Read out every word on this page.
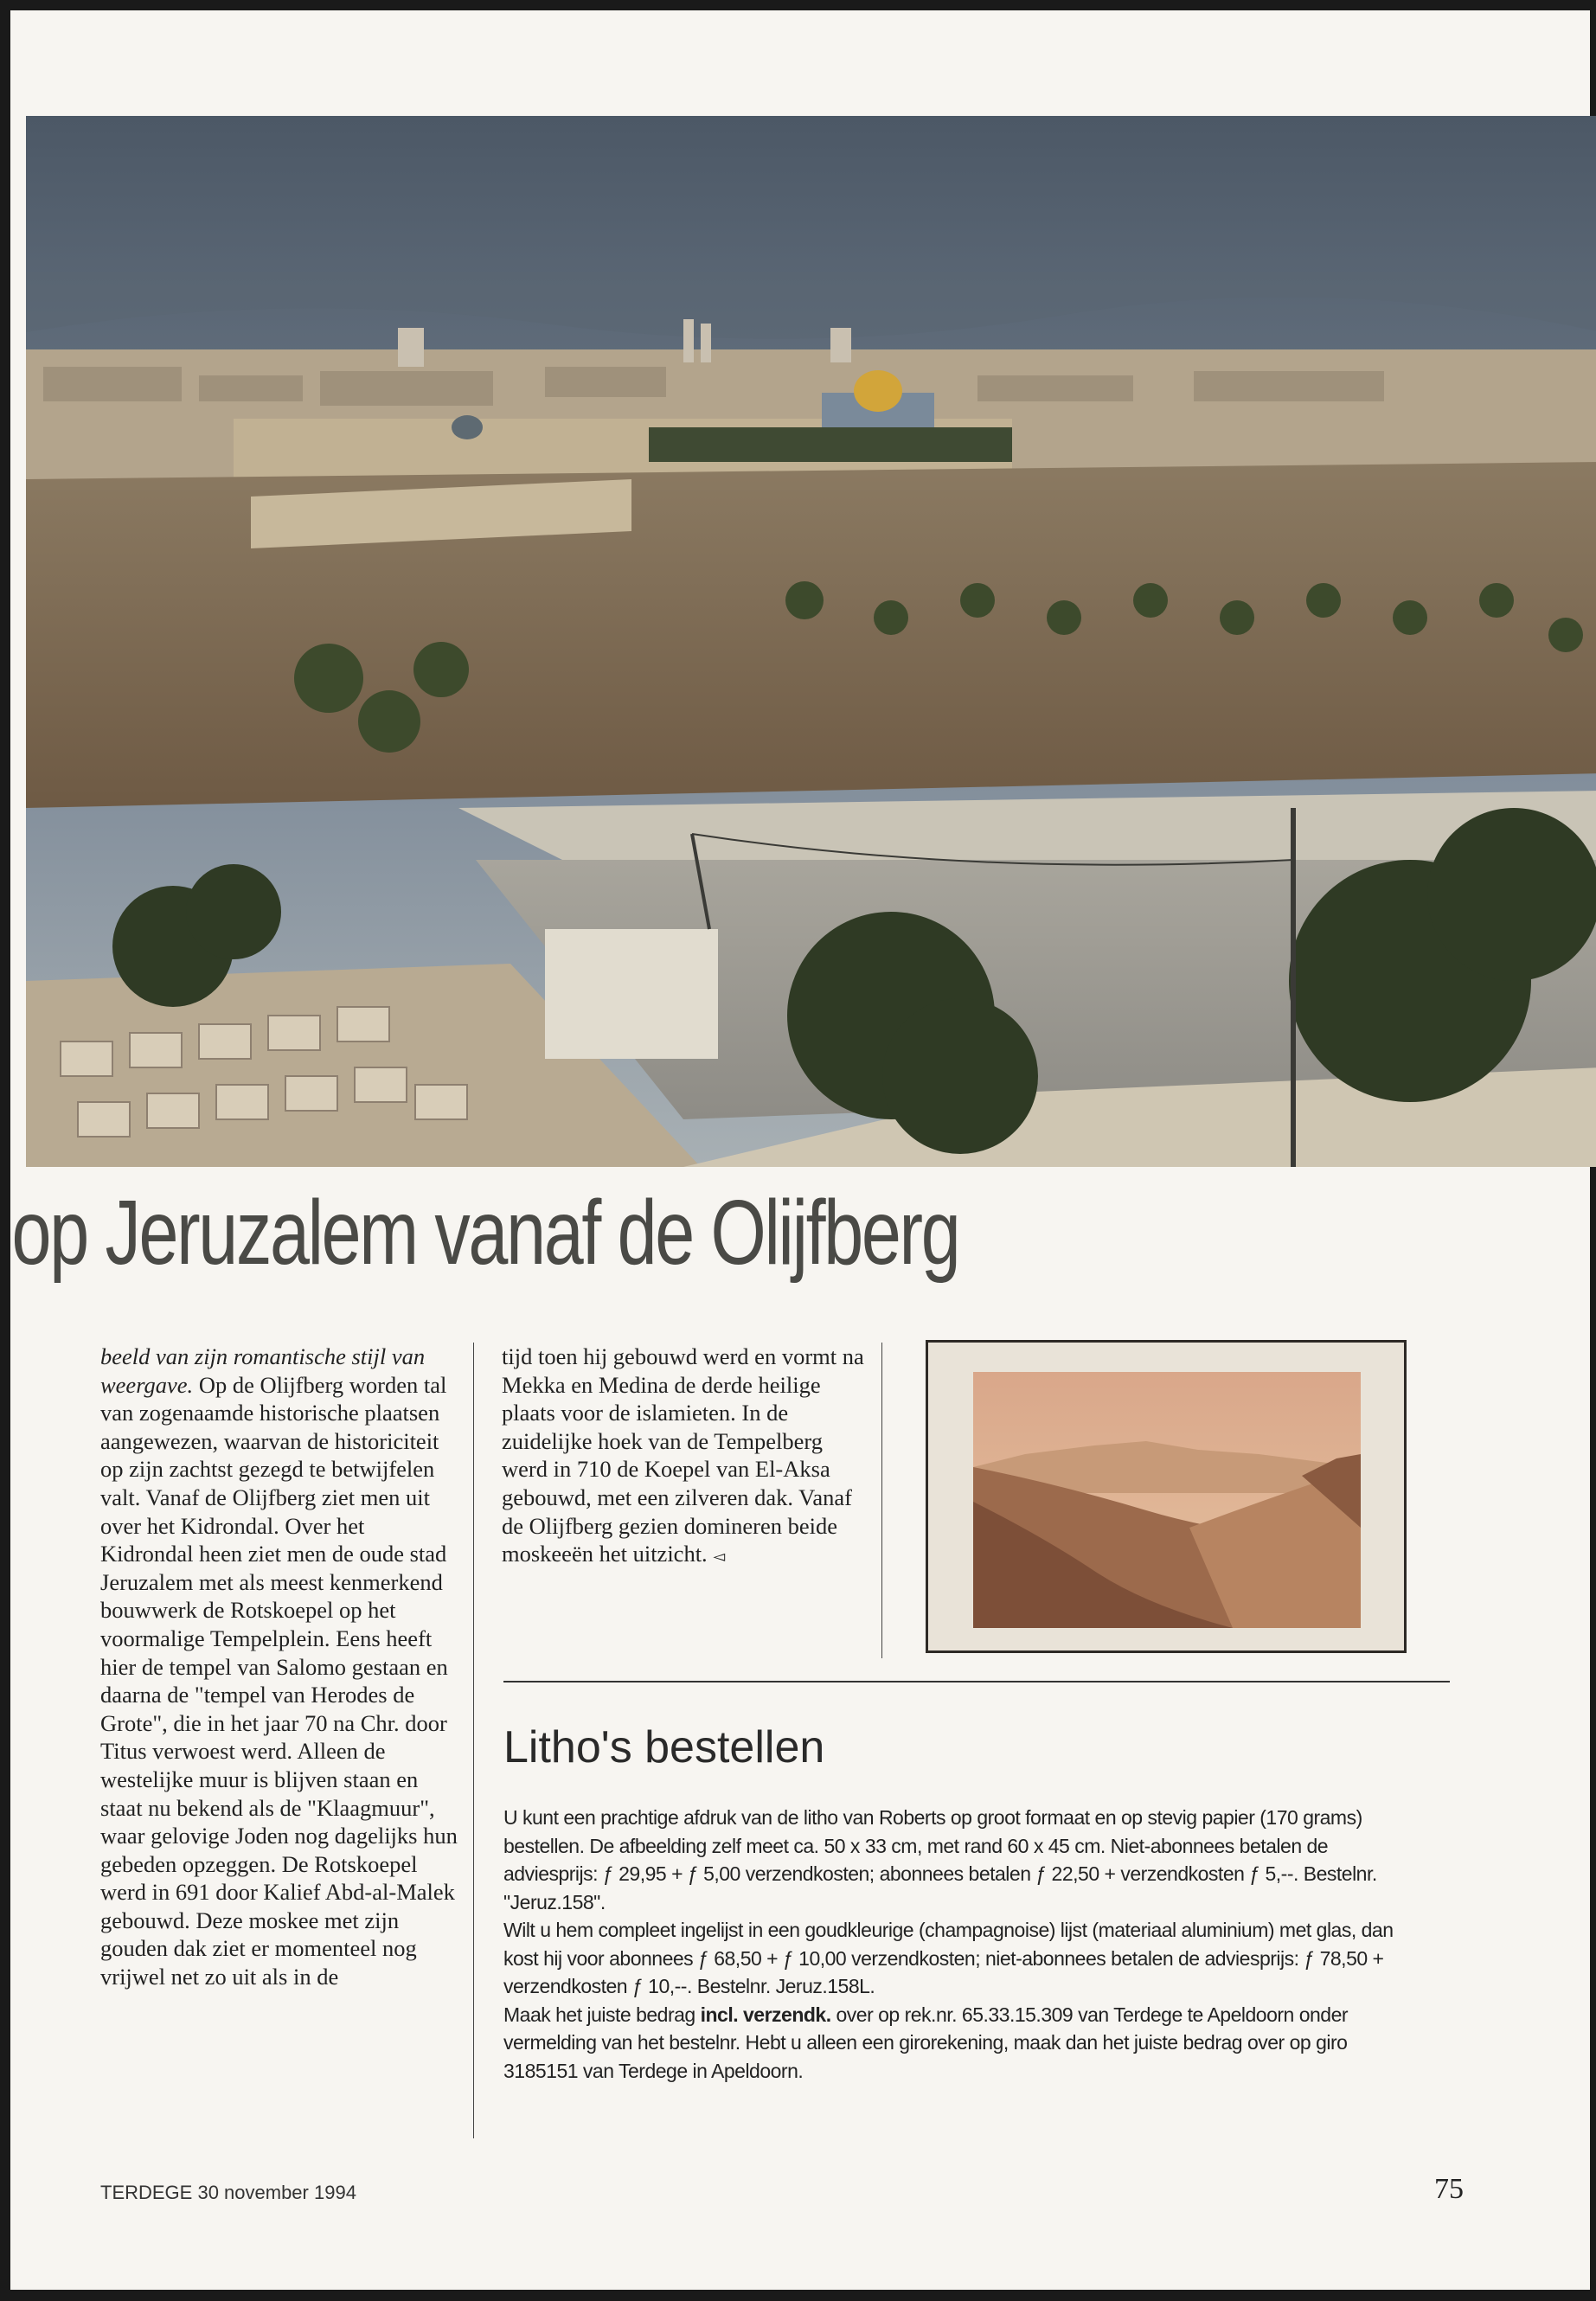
op Jeruzalem vanaf de Olijfberg
beeld van zijn romantische stijl van weergave. Op de Olijfberg worden tal van zogenaamde historische plaatsen aangewezen, waarvan de historiciteit op zijn zachtst gezegd te betwijfelen valt. Vanaf de Olijfberg ziet men uit over het Kidrondal. Over het Kidrondal heen ziet men de oude stad Jeruzalem met als meest kenmerkend bouwwerk de Rotskoepel op het voormalige Tempelplein. Eens heeft hier de tempel van Salomo gestaan en daarna de "tempel van Herodes de Grote", die in het jaar 70 na Chr. door Titus verwoest werd. Alleen de westelijke muur is blijven staan en staat nu bekend als de "Klaagmuur", waar gelovige Joden nog dagelijks hun gebeden opzeggen. De Rotskoepel werd in 691 door Kalief Abd-al-Malek gebouwd. Deze moskee met zijn gouden dak ziet er momenteel nog vrijwel net zo uit als in de
tijd toen hij gebouwd werd en vormt na Mekka en Medina de derde heilige plaats voor de islamieten. In de zuidelijke hoek van de Tempelberg werd in 710 de Koepel van El-Aksa gebouwd, met een zilveren dak. Vanaf de Olijfberg gezien domineren beide moskeeën het uitzicht. ◅
Litho's bestellen
U kunt een prachtige afdruk van de litho van Roberts op groot formaat en op stevig papier (170 grams) bestellen. De afbeelding zelf meet ca. 50 x 33 cm, met rand 60 x 45 cm. Niet-abonnees betalen de adviesprijs: ƒ 29,95 + ƒ 5,00 verzendkosten; abonnees betalen ƒ 22,50 + verzendkosten ƒ 5,--. Bestelnr. "Jeruz.158".
Wilt u hem compleet ingelijst in een goudkleurige (champagnoise) lijst (materiaal aluminium) met glas, dan kost hij voor abonnees ƒ 68,50 + ƒ 10,00 verzendkosten; niet-abonnees betalen de adviesprijs: ƒ 78,50 + verzendkosten ƒ 10,--. Bestelnr. Jeruz.158L.
Maak het juiste bedrag incl. verzendk. over op rek.nr. 65.33.15.309 van Terdege te Apeldoorn onder vermelding van het bestelnr. Hebt u alleen een girorekening, maak dan het juiste bedrag over op giro 3185151 van Terdege in Apeldoorn.
TERDEGE 30 november 1994	75
